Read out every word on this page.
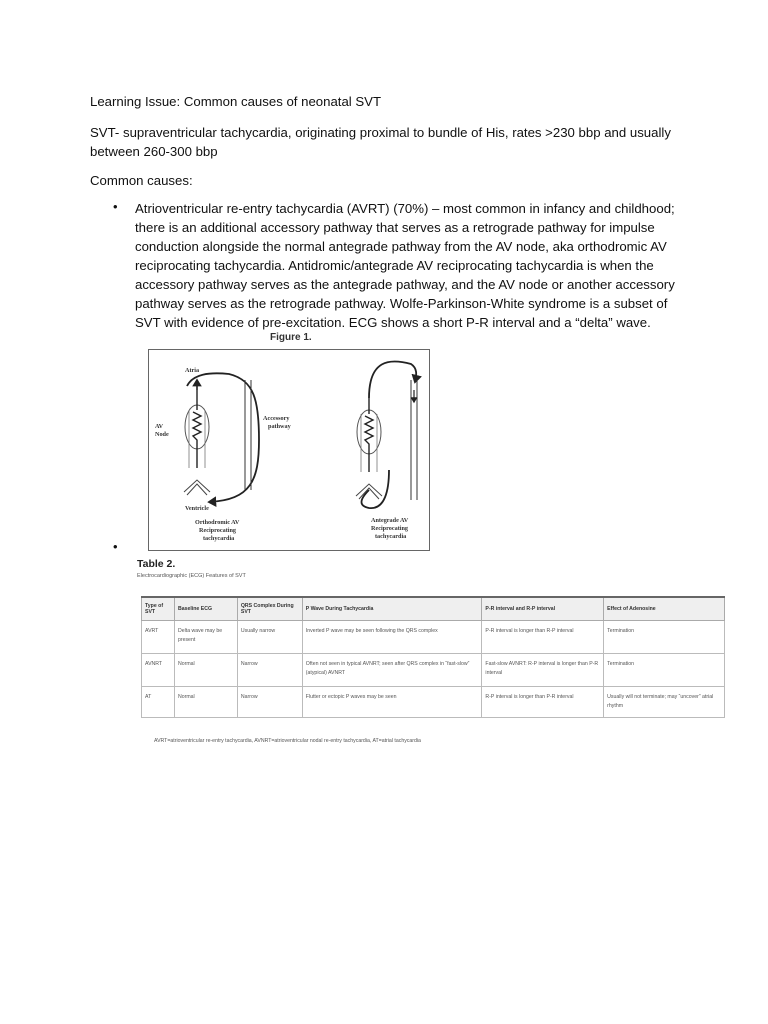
Learning Issue: Common causes of neonatal SVT

SVT- supraventricular tachycardia, originating proximal to bundle of His, rates >230 bbp and usually between 260-300 bbp

Common causes:

• Atrioventricular re-entry tachycardia (AVRT) (70%) – most common in infancy and childhood; there is an additional accessory pathway that serves as a retrograde pathway for impulse conduction alongside the normal antegrade pathway from the AV node, aka orthodromic AV reciprocating tachycardia. Antidromic/antegrade AV reciprocating tachycardia is when the accessory pathway serves as the antegrade pathway, and the AV node or another accessory pathway serves as the retrograde pathway. Wolfe-Parkinson-White syndrome is a subset of SVT with evidence of pre-excitation. ECG shows a short P-R interval and a “delta” wave.

Figure 1.
Atria
AV
Node
Accessory
pathway
Ventricle
Orthodromic AV
Reciprocating
tachycardia
Antegrade AV
Reciprocating
tachycardia
•
Table 2.
Electrocardiographic (ECG) Features of SVT
Type of SVT	Baseline ECG	QRS Complex During SVT	P Wave During Tachycardia	P-R interval and R-P interval	Effect of Adenosine
AVRT	Delta wave may be present	Usually narrow	Inverted P wave may be seen following the QRS complex	P-R interval is longer than R-P interval	Termination
AVNRT	Normal	Narrow	Often not seen in typical AVNRT; seen after QRS complex in “fast-slow” (atypical) AVNRT	Fast-slow AVNRT: R-P interval is longer than P-R interval	Termination
AT	Normal	Narrow	Flutter or ectopic P waves may be seen	R-P interval is longer than P-R interval	Usually will not terminate; may “uncover” atrial rhythm
AVRT=atrioventricular re-entry tachycardia, AVNRT=atrioventricular nodal re-entry tachycardia, AT=atrial tachycardia
